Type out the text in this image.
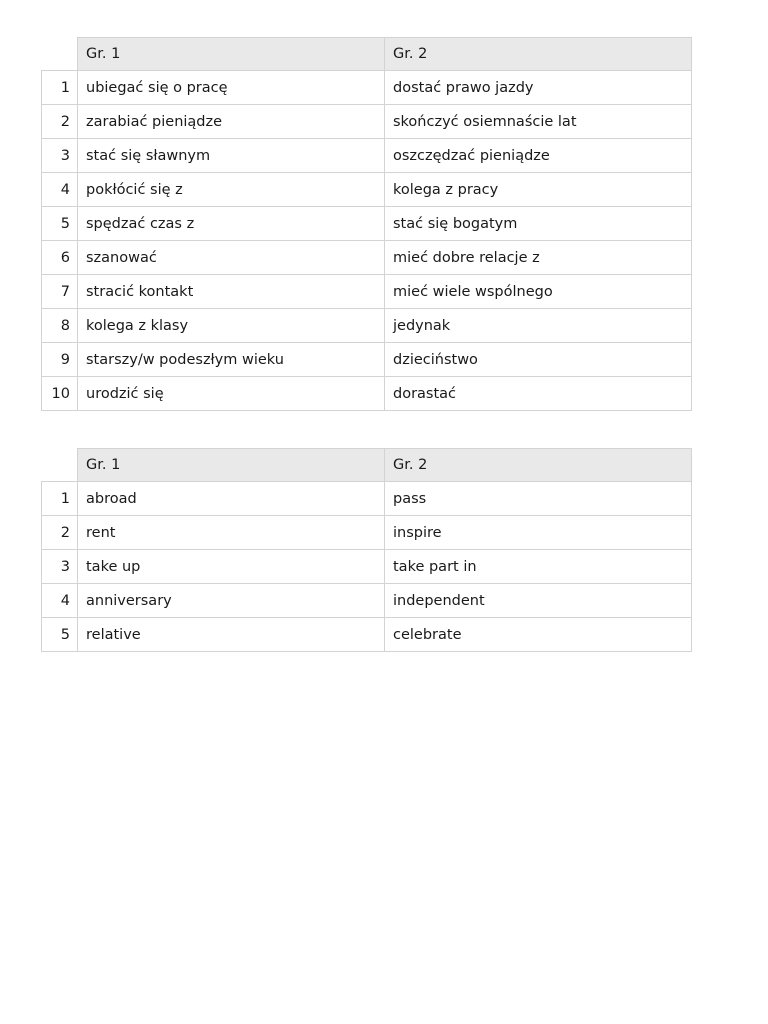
	Gr. 1	Gr. 2
1	ubiegać się o pracę	dostać prawo jazdy
2	zarabiać pieniądze	skończyć osiemnaście lat
3	stać się sławnym	oszczędzać pieniądze
4	pokłócić się z	kolega z pracy
5	spędzać czas z	stać się bogatym
6	szanować	mieć dobre relacje z
7	stracić kontakt	mieć wiele wspólnego
8	kolega z klasy	jedynak
9	starszy/w podeszłym wieku	dzieciństwo
10	urodzić się	dorastać
	Gr. 1	Gr. 2
1	abroad	pass
2	rent	inspire
3	take up	take part in
4	anniversary	independent
5	relative	celebrate
